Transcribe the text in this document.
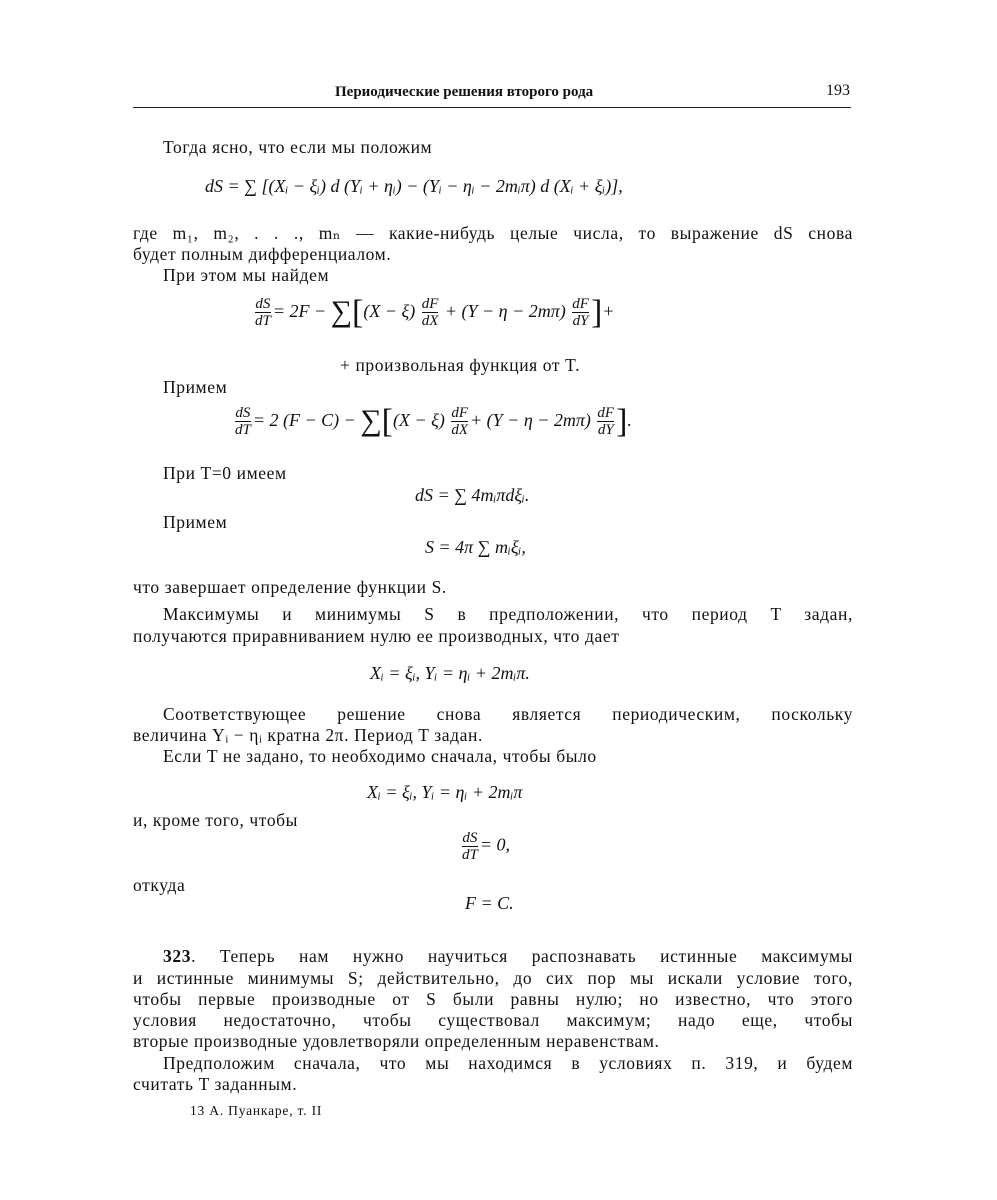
Периодические решения второго рода	193
Тогда ясно, что если мы положим
dS = ∑ [(Xᵢ − ξᵢ) d (Yᵢ + ηᵢ) − (Yᵢ − ηᵢ − 2mᵢπ) d (Xᵢ + ξᵢ)],
где m₁, m₂, . . ., mₙ — какие-нибудь целые числа, то выражение dS снова
будет полным дифференциалом.
При этом мы найдем
$\frac{dS}{dT} = 2F - \sum[(X - \xi) \frac{dF}{dX} + (Y - \eta - 2m\pi) \frac{dF}{dY}$ ]+
+ произвольная функция от T.
Примем
$\frac{dS}{dT} = 2$ $(F - C) - \sum[(X - \xi) \frac{dF}{dX} + (Y - \eta - 2m\pi) \frac{dF}{dY}$ ].
При T=0 имеем
dS = ∑ 4mᵢπdξᵢ.
Примем
S = 4π ∑ mᵢξᵢ,
что завершает определение функции S.
Максимумы и минимумы S в предположении, что период T задан,
получаются приравниванием нулю ее производных, что дает
Xᵢ = ξᵢ, Yᵢ = ηᵢ + 2mᵢπ.
Соответствующее решение снова является периодическим, поскольку
величина Yᵢ − ηᵢ кратна 2π. Период T задан.
Если T не задано, то необходимо сначала, чтобы было
Xᵢ = ξᵢ, Yᵢ = ηᵢ + 2mᵢπ
и, кроме того, чтобы
$\frac{dS}{dT} = 0$,
откуда
F = C.
323. Теперь нам нужно научиться распознавать истинные максимумы
и истинные минимумы S; действительно, до сих пор мы искали условие того,
чтобы первые производные от S были равны нулю; но известно, что этого
условия недостаточно, чтобы существовал максимум; надо еще, чтобы
вторые производные удовлетворяли определенным неравенствам.
Предположим сначала, что мы находимся в условиях п. 319, и будем
считать T заданным.
13 А. Пуанкаре, т. II
